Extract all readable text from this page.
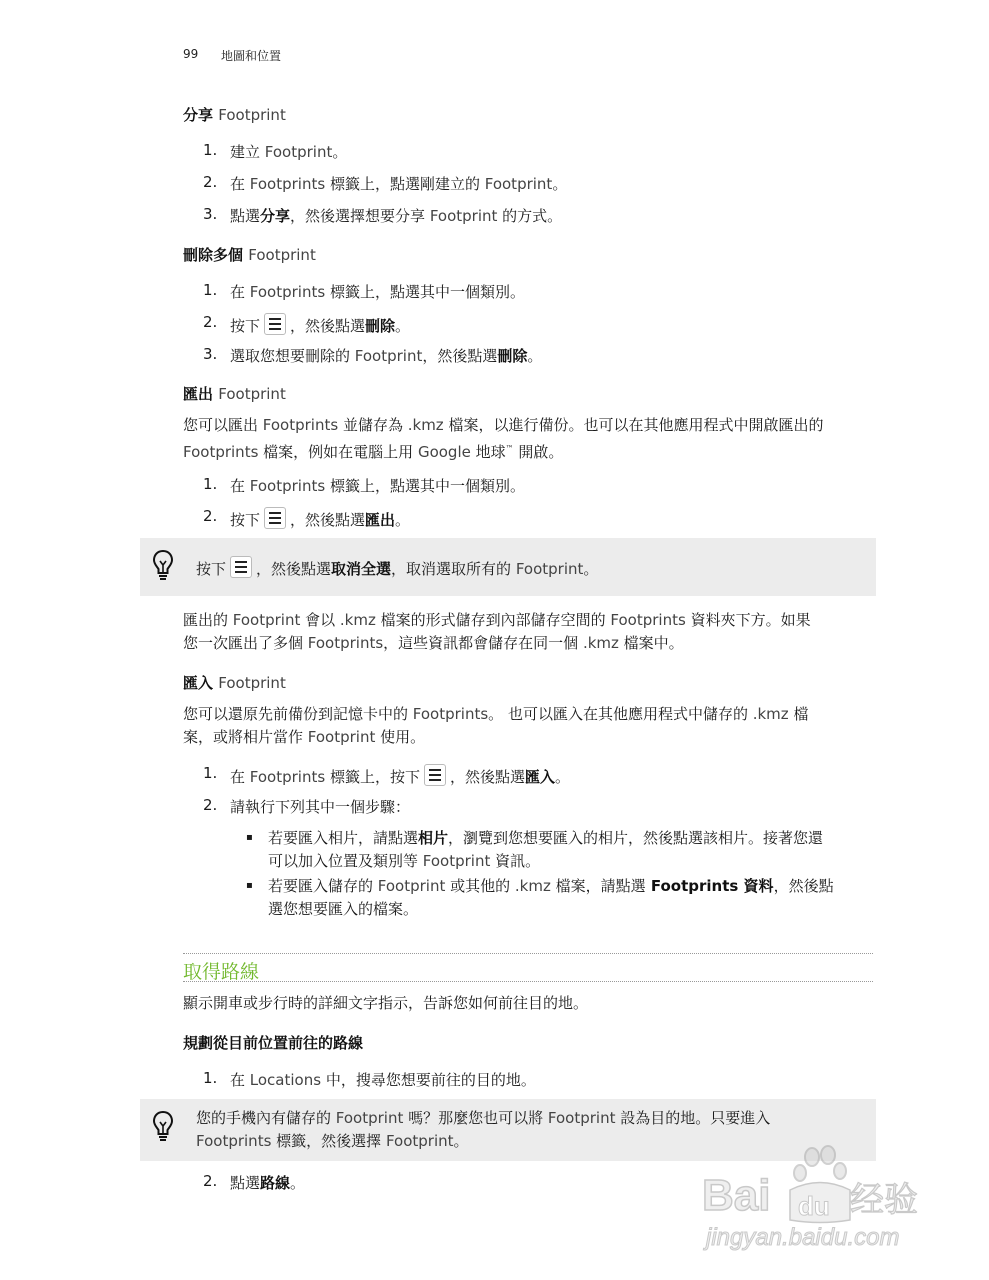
99 地圖和位置
分享 Footprint
1. 建立 Footprint。
2. 在 Footprints 標籤上，點選剛建立的 Footprint。
3. 點選分享，然後選擇想要分享 Footprint 的方式。
刪除多個 Footprint
1. 在 Footprints 標籤上，點選其中一個類別。
2. 按下 ，然後點選刪除。
3. 選取您想要刪除的 Footprint，然後點選刪除。
匯出 Footprint
您可以匯出 Footprints 並儲存為 .kmz 檔案，以進行備份。也可以在其他應用程式中開啟匯出的
Footprints 檔案，例如在電腦上用 Google 地球™ 開啟。
1. 在 Footprints 標籤上，點選其中一個類別。
2. 按下 ，然後點選匯出。
按下 ，然後點選取消全選，取消選取所有的 Footprint。
匯出的 Footprint 會以 .kmz 檔案的形式儲存到內部儲存空間的 Footprints 資料夾下方。如果
您一次匯出了多個 Footprints，這些資訊都會儲存在同一個 .kmz 檔案中。
匯入 Footprint
您可以還原先前備份到記憶卡中的 Footprints。 也可以匯入在其他應用程式中儲存的 .kmz 檔
案，或將相片當作 Footprint 使用。
1. 在 Footprints 標籤上，按下 ，然後點選匯入。
2. 請執行下列其中一個步驟：
▪ 若要匯入相片，請點選相片，瀏覽到您想要匯入的相片，然後點選該相片。接著您還
可以加入位置及類別等 Footprint 資訊。
▪ 若要匯入儲存的 Footprint 或其他的 .kmz 檔案，請點選 Footprints 資料，然後點
選您想要匯入的檔案。
取得路線
顯示開車或步行時的詳細文字指示，告訴您如何前往目的地。
規劃從目前位置前往的路線
1. 在 Locations 中，搜尋您想要前往的目的地。
您的手機內有儲存的 Footprint 嗎？那麼您也可以將 Footprint 設為目的地。只要進入
Footprints 標籤，然後選擇 Footprint。
2. 點選路線。	Bai du 经验
jingyan.baidu.com
